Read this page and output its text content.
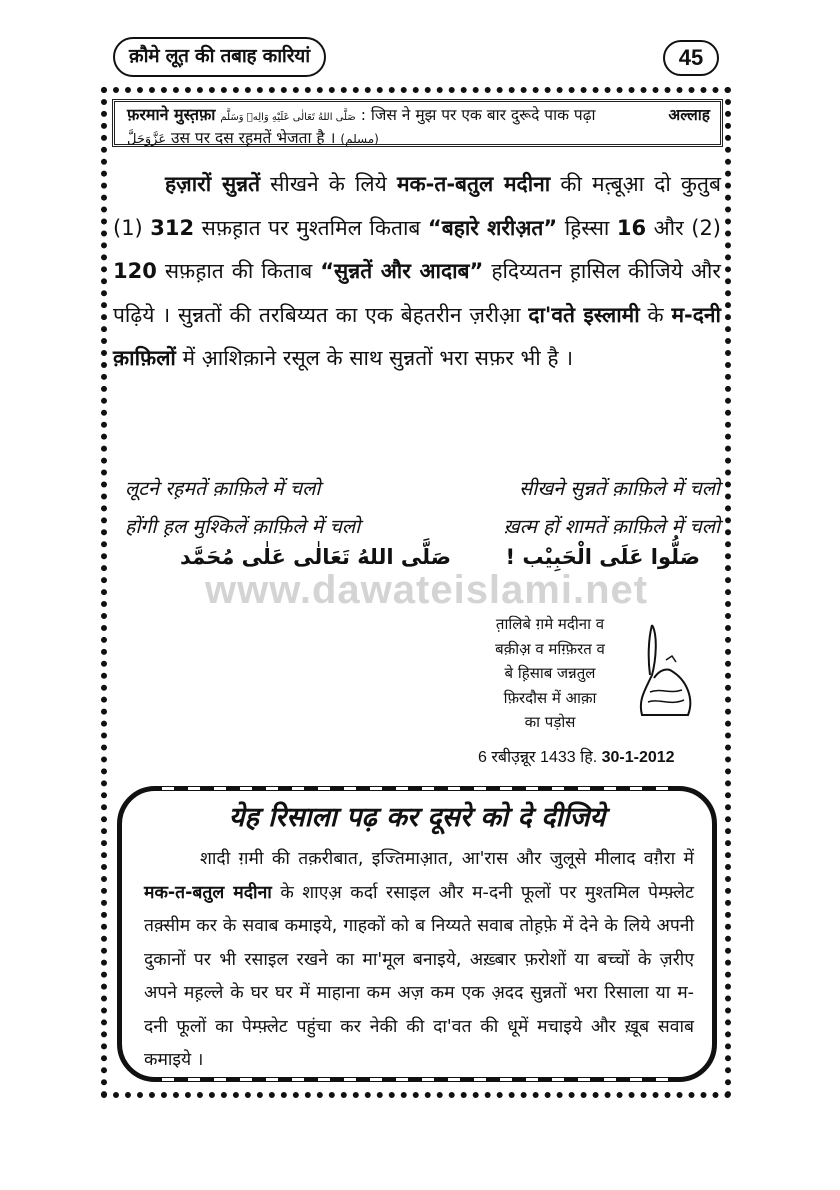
क़ौमे लूत़ की तबाह कारियां	45
फ़रमाने मुस्त़फ़ा صَلَّى اللهُ تَعَالٰى عَلَيْهِ وَالِهٖ وَسَلَّم : जिस ने मुझ पर एक बार दुरूदे पाक पढ़ा	अल्लाह

عَزَّوَجَلَّ उस पर दस रह़मतें भेजता है । (مسلم)
हज़ारों सुन्नतें सीखने के लिये मक-त-बतुल मदीना की मत़्बूआ़ दो कुतुब (1) 312 सफ़ह़ात पर मुश्तमिल किताब “बहारे शरीअ़त” ह़िस्सा 16 और (2) 120 सफ़ह़ात की किताब “सुन्नतें और आदाब” हदिय्यतन ह़ासिल कीजिये और पढ़िये । सुन्नतों की तरबिय्यत का एक बेहतरीन ज़रीआ़ दा'वते इस्लामी के म-दनी क़ाफ़िलों में आ़शिक़ाने रसूल के साथ सुन्नतों भरा सफ़र भी है ।
लूटने रह़मतें क़ाफ़िले में चलो	सीखने सुन्नतें क़ाफ़िले में चलो
होंगी ह़ल मुश्किलें क़ाफ़िले में चलो	ख़त्म हों शामतें क़ाफ़िले में चलो
صَلُّوا عَلَى الْحَبِيْب !
صَلَّى اللهُ تَعَالٰى عَلٰى مُحَمَّد
www.dawateislami.net
त़ालिबे ग़मे मदीना व
बक़ीअ़ व मग़्फ़िरत व
बे ह़िसाब जन्नतुल
फ़िरदौस में आक़ा
का पड़ोस
6 रबीउ़न्नूर 1433 हि. 30-1-2012
येह रिसाला पढ़ कर दूसरे को दे दीजिये
शादी ग़मी की तक़रीबात, इज्तिमाआ़त, आ'रास और जुलूसे मीलाद वग़ैरा में मक-त-बतुल मदीना के शाएअ़ कर्दा रसाइल और म-दनी फूलों पर मुश्तमिल पेम्फ़्लेट तक़्सीम कर के सवाब कमाइये, गाहकों को ब निय्यते सवाब तोह़फ़े में देने के लिये अपनी दुकानों पर भी रसाइल रखने का मा'मूल बनाइये, अख़्बार फ़रोशों या बच्चों के ज़रीए अपने मह़ल्ले के घर घर में माहाना कम अज़ कम एक अ़दद सुन्नतों भरा रिसाला या म-दनी फूलों का पेम्फ़्लेट पहुंचा कर नेकी की दा'वत की धूमें मचाइये और ख़ूब सवाब कमाइये ।
